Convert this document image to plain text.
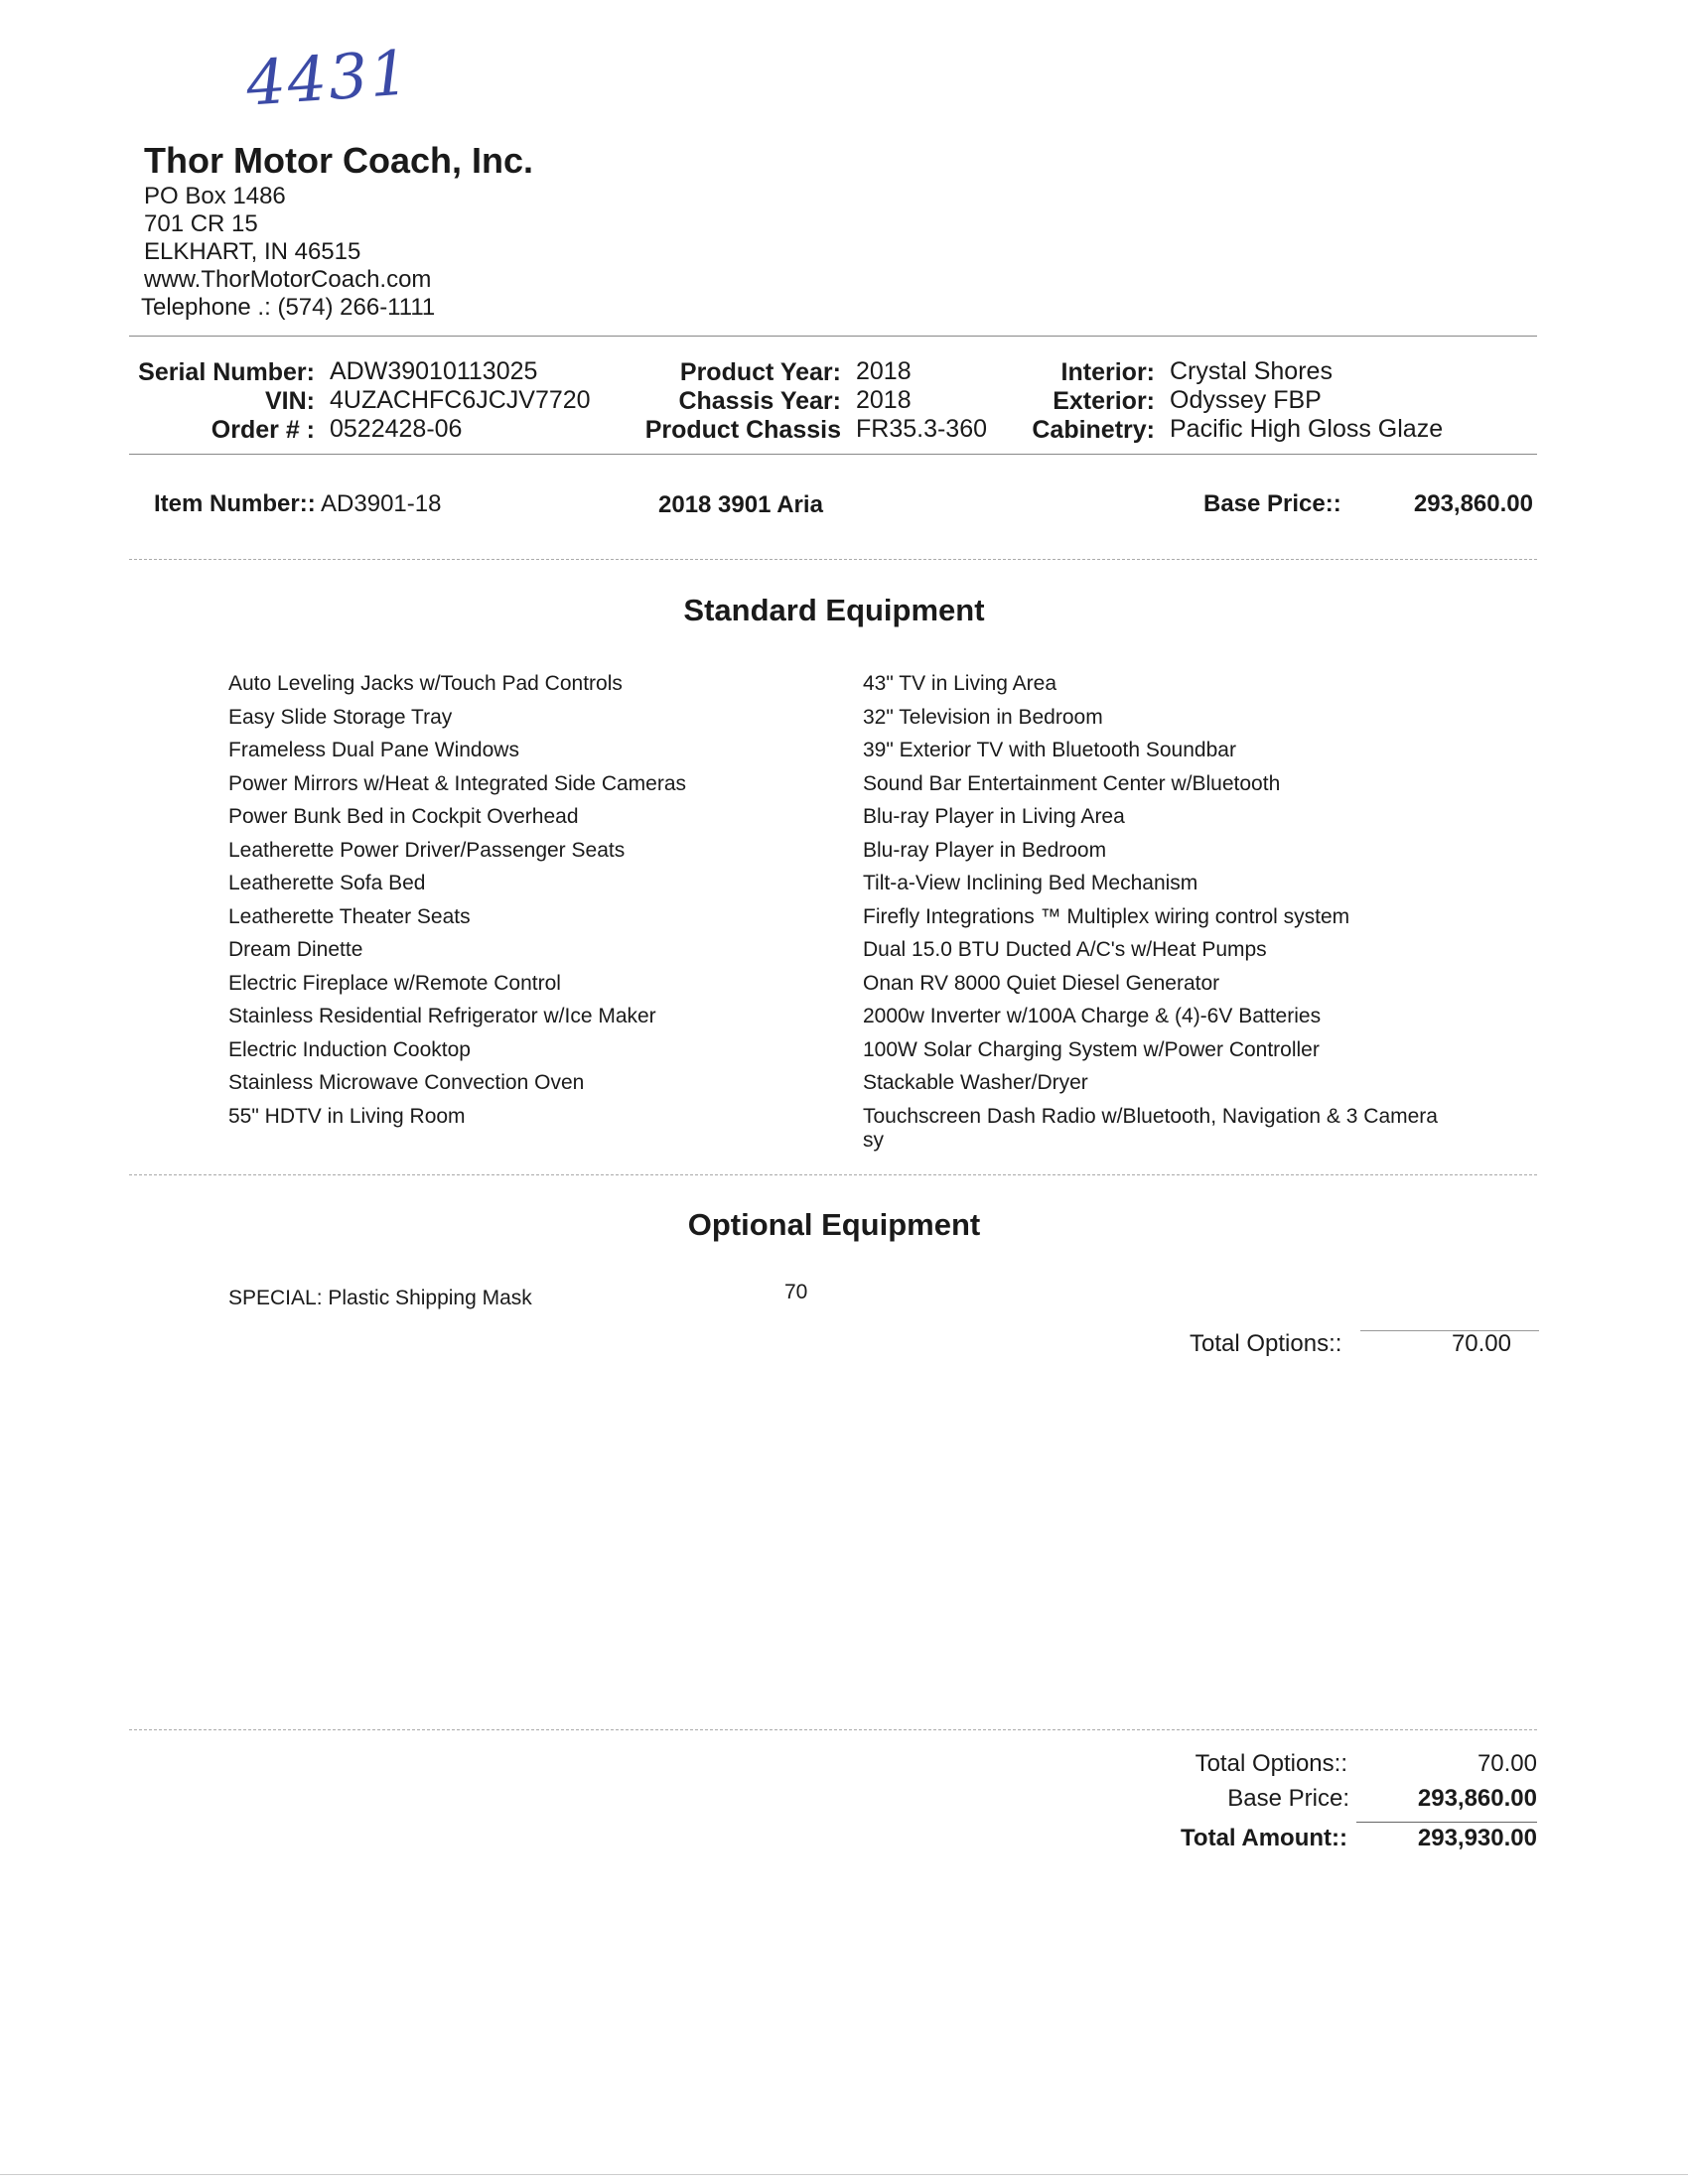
4431
Thor Motor Coach, Inc.
PO Box 1486
701 CR 15
ELKHART, IN 46515
www.ThorMotorCoach.com
Telephone .: (574) 266-1111
Serial Number: ADW39010113025
VIN: 4UZACHFC6JCJV7720
Order # : 0522428-06
Product Year: 2018
Chassis Year: 2018
Product Chassis FR35.3-360
Interior: Crystal Shores
Exterior: Odyssey FBP
Cabinetry: Pacific High Gloss Glaze
Item Number:: AD3901-18	2018 3901 Aria	Base Price::	293,860.00
Standard Equipment
Auto Leveling Jacks w/Touch Pad Controls
Easy Slide Storage Tray
Frameless Dual Pane Windows
Power Mirrors w/Heat & Integrated Side Cameras
Power Bunk Bed in Cockpit Overhead
Leatherette Power Driver/Passenger Seats
Leatherette Sofa Bed
Leatherette Theater Seats
Dream Dinette
Electric Fireplace w/Remote Control
Stainless Residential Refrigerator w/Ice Maker
Electric Induction Cooktop
Stainless Microwave Convection Oven
55" HDTV in Living Room
43" TV in Living Area
32" Television in Bedroom
39" Exterior TV with Bluetooth Soundbar
Sound Bar Entertainment Center w/Bluetooth
Blu-ray Player in Living Area
Blu-ray Player in Bedroom
Tilt-a-View Inclining Bed Mechanism
Firefly Integrations ™ Multiplex wiring control system
Dual 15.0 BTU Ducted A/C's w/Heat Pumps
Onan RV 8000 Quiet Diesel Generator
2000w Inverter w/100A Charge & (4)-6V Batteries
100W Solar Charging System w/Power Controller
Stackable Washer/Dryer
Touchscreen Dash Radio w/Bluetooth, Navigation & 3 Camera sy
Optional Equipment
SPECIAL: Plastic Shipping Mask	70
Total Options::	70.00
Total Options::	70.00
Base Price:	293,860.00
Total Amount::	293,930.00
